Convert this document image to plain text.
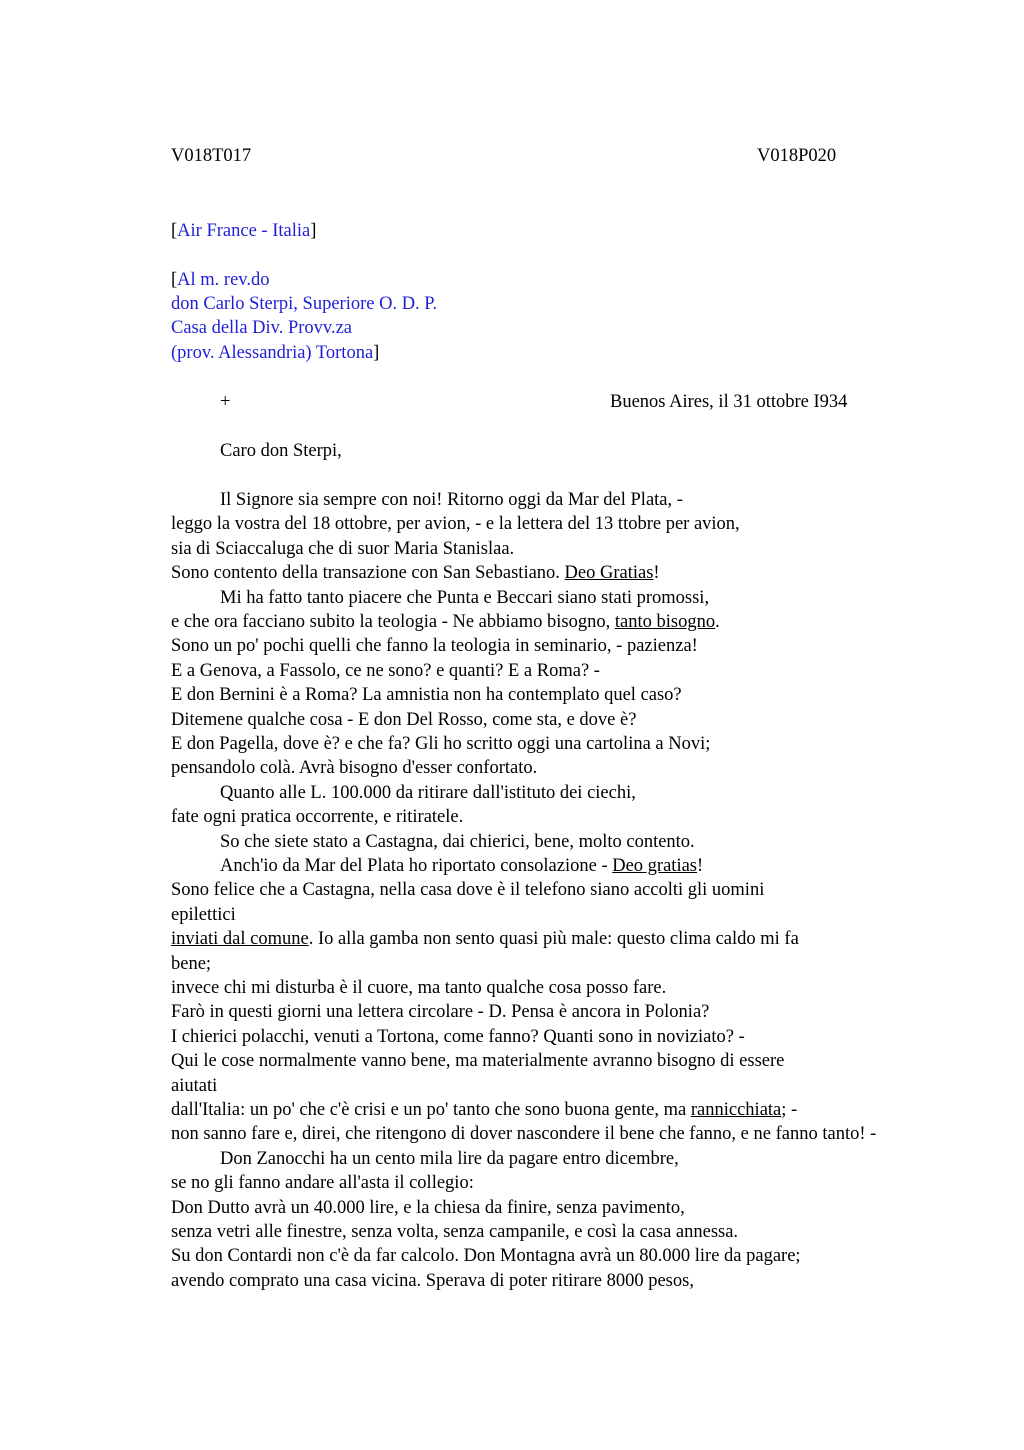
V018T017	V018P020
[Air France - Italia]
[Al m. rev.do
don Carlo Sterpi, Superiore O. D. P.
Casa della Div. Provv.za
(prov. Alessandria) Tortona]
+	Buenos Aires, il 31 ottobre I934
Caro don Sterpi,
Il Signore sia sempre con noi! Ritorno oggi da Mar del Plata, -
leggo la vostra del 18 ottobre, per avion, - e la lettera del 13 ttobre per avion,
sia di Sciaccaluga che di suor Maria Stanislaa.
Sono contento della transazione con San Sebastiano. Deo Gratias!
Mi ha fatto tanto piacere che Punta e Beccari siano stati promossi,
e che ora facciano subito la teologia - Ne abbiamo bisogno, tanto bisogno.
Sono un po' pochi quelli che fanno la teologia in seminario, - pazienza!
E a Genova, a Fassolo, ce ne sono? e quanti? E a Roma? -
E don Bernini è a Roma? La amnistia non ha contemplato quel caso?
Ditemene qualche cosa - E don Del Rosso, come sta, e dove è?
E don Pagella, dove è? e che fa? Gli ho scritto oggi una cartolina a Novi;
pensandolo colà. Avrà bisogno d'esser confortato.
Quanto alle L. 100.000 da ritirare dall'istituto dei ciechi,
fate ogni pratica occorrente, e ritiratele.
So che siete stato a Castagna, dai chierici, bene, molto contento.
Anch'io da Mar del Plata ho riportato consolazione - Deo gratias!
Sono felice che a Castagna, nella casa dove è il telefono siano accolti gli uomini
epilettici
inviati dal comune. Io alla gamba non sento quasi più male: questo clima caldo mi fa
bene;
invece chi mi disturba è il cuore, ma tanto qualche cosa posso fare.
Farò in questi giorni una lettera circolare - D. Pensa è ancora in Polonia?
I chierici polacchi, venuti a Tortona, come fanno? Quanti sono in noviziato? -
Qui le cose normalmente vanno bene, ma materialmente avranno bisogno di essere
aiutati
dall'Italia: un po' che c'è crisi e un po' tanto che sono buona gente, ma rannicchiata; -
non sanno fare e, direi, che ritengono di dover nascondere il bene che fanno, e ne fanno tanto! -
Don Zanocchi ha un cento mila lire da pagare entro dicembre,
se no gli fanno andare all'asta il collegio:
Don Dutto avrà un 40.000 lire, e la chiesa da finire, senza pavimento,
senza vetri alle finestre, senza volta, senza campanile, e così la casa annessa.
Su don Contardi non c'è da far calcolo. Don Montagna avrà un 80.000 lire da pagare;
avendo comprato una casa vicina. Sperava di poter ritirare 8000 pesos,
